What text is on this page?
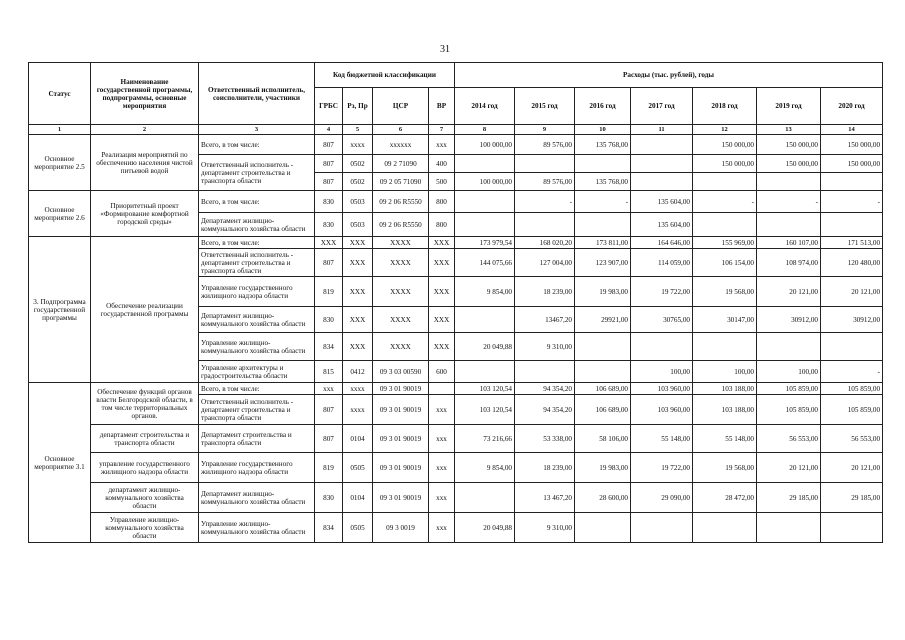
31
Статус	Наименование государственной программы, подпрограммы, основные мероприятия	Ответственный исполнитель, соисполнители, участники	Код бюджетной классификации				Расходы (тыс. рублей), годы						
			ГРБС	Рз, Пр	ЦСР	ВР	2014 год	2015 год	2016 год	2017 год	2018 год	2019 год	2020 год
1	2	3	4	5	6	7	8	9	10	11	12	13	14
Основное мероприятие 2.5	Реализация мероприятий по обеспечению населения чистой питьевой водой	Всего, в том числе:	807	хххх	хххххх	ххх	100 000,00	89 576,00	135 768,00		150 000,00	150 000,00	150 000,00
		Ответственный исполнитель - департамент строительства и транспорта области	807	0502	09 2 71090	400					150 000,00	150 000,00	150 000,00
			807	0502	09 2 05 71090	500	100 000,00	89 576,00	135 768,00				
Основное мероприятие 2.6	Приоритетный проект «Формирование комфортной городской среды»	Всего, в том числе:	830	0503	09 2 06 R5550	800		-	-	135 604,00	-	-	-
		Департамент жилищно-коммунального хозяйства области	830	0503	09 2 06 R5550	800				135 604,00			
3. Подпрограмма государственной программы	Обеспечение реализации государственной программы	Всего, в том числе:	XXX	XXX	XXXX	XXX	173 979,54	168 020,20	173 811,00	164 646,00	155 969,00	160 107,00	171 513,00
		Ответственный исполнитель - департамент строительства и транспорта области	807	XXX	XXXX	XXX	144 075,66	127 004,00	123 907,00	114 059,00	106 154,00	108 974,00	120 480,00
		Управление государственного жилищного надзора области	819	XXX	XXXX	XXX	9 854,00	18 239,00	19 983,00	19 722,00	19 568,00	20 121,00	20 121,00
		Департамент жилищно-коммунального хозяйства области	830	XXX	XXXX	XXX		13467,20	29921,00	30765,00	30147,00	30912,00	30912,00
		Управление жилищно-коммунального хозяйства области	834	XXX	XXXX	XXX	20 049,88	9 310,00					
		Управление архитектуры и градостроительства области	815	0412	09 3 03 00590	600				100,00	100,00	100,00	-
Основное мероприятие 3.1	Обеспечение функций органов власти Белгородской области, в том числе территориальных органов.	Всего, в том числе:	ххх	хххх	09 3 01 90019		103 120,54	94 354,20	106 689,00	103 960,00	103 188,00	105 859,00	105 859,00
		Ответственный исполнитель - департамент строительства и транспорта области	807	хххх	09 3 01 90019	ххх	103 120,54	94 354,20	106 689,00	103 960,00	103 188,00	105 859,00	105 859,00
	департамент строительства и транспорта области	Департамент строительства и транспорта области	807	0104	09 3 01 90019	ххх	73 216,66	53 338,00	58 106,00	55 148,00	55 148,00	56 553,00	56 553,00
	управление государственного жилищного надзора области	Управление государственного жилищного надзора области	819	0505	09 3 01 90019	ххх	9 854,00	18 239,00	19 983,00	19 722,00	19 568,00	20 121,00	20 121,00
	департамент жилищно-коммунального хозяйства области	Департамент жилищно-коммунального хозяйства области	830	0104	09 3 01 90019	ххх		13 467,20	28 600,00	29 090,00	28 472,00	29 185,00	29 185,00
	Управление жилищно-коммунального хозяйства области	Управление жилищно-коммунального хозяйства области	834	0505	09 3 0019	ххх	20 049,88	9 310,00					
